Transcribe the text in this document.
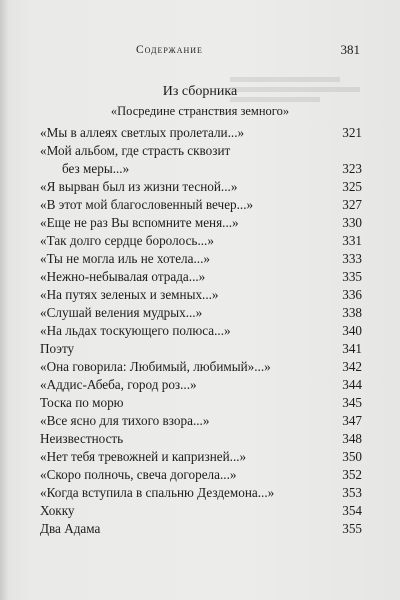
Содержание	381
Из сборника
«Посредине странствия земного»
«Мы в аллеях светлых пролетали...»	321
«Мой альбом, где страсть сквозит
без меры...»	323
«Я вырван был из жизни тесной...»	325
«В этот мой благословенный вечер...»	327
«Еще не раз Вы вспомните меня...»	330
«Так долго сердце боролось...»	331
«Ты не могла иль не хотела...»	333
«Нежно-небывалая отрада...»	335
«На путях зеленых и земных...»	336
«Слушай веления мудрых...»	338
«На льдах тоскующего полюса...»	340
Поэту	341
«Она говорила: Любимый, любимый»...»	342
«Аддис-Абеба, город роз...»	344
Тоска по морю	345
«Все ясно для тихого взора...»	347
Неизвестность	348
«Нет тебя тревожней и капризней...»	350
«Скоро полночь, свеча догорела...»	352
«Когда вступила в спальню Дездемона...»	353
Хокку	354
Два Адама	355
